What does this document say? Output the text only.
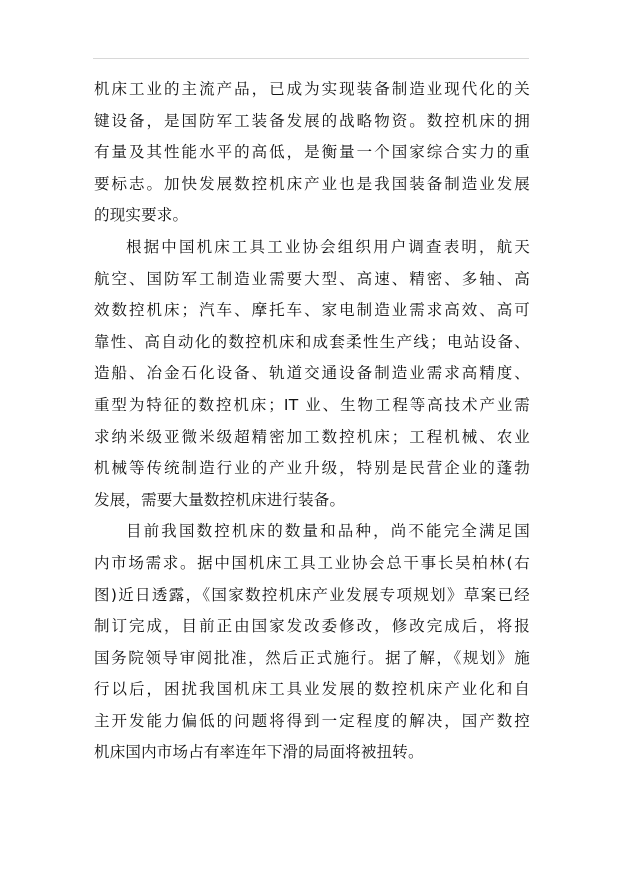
机床工业的主流产品，已成为实现装备制造业现代化的关
键设备，是国防军工装备发展的战略物资。数控机床的拥
有量及其性能水平的高低，是衡量一个国家综合实力的重
要标志。加快发展数控机床产业也是我国装备制造业发展
的现实要求。
根据中国机床工具工业协会组织用户调查表明，航天
航空、国防军工制造业需要大型、高速、精密、多轴、高
效数控机床；汽车、摩托车、家电制造业需求高效、高可
靠性、高自动化的数控机床和成套柔性生产线；电站设备、
造船、冶金石化设备、轨道交通设备制造业需求高精度、
重型为特征的数控机床；IT 业、生物工程等高技术产业需
求纳米级亚微米级超精密加工数控机床；工程机械、农业
机械等传统制造行业的产业升级，特别是民营企业的蓬勃
发展，需要大量数控机床进行装备。
目前我国数控机床的数量和品种，尚不能完全满足国
内市场需求。据中国机床工具工业协会总干事长吴柏林(右
图)近日透露，《国家数控机床产业发展专项规划》草案已经
制订完成，目前正由国家发改委修改，修改完成后，将报
国务院领导审阅批准，然后正式施行。据了解，《规划》施
行以后，困扰我国机床工具业发展的数控机床产业化和自
主开发能力偏低的问题将得到一定程度的解决，国产数控
机床国内市场占有率连年下滑的局面将被扭转。
